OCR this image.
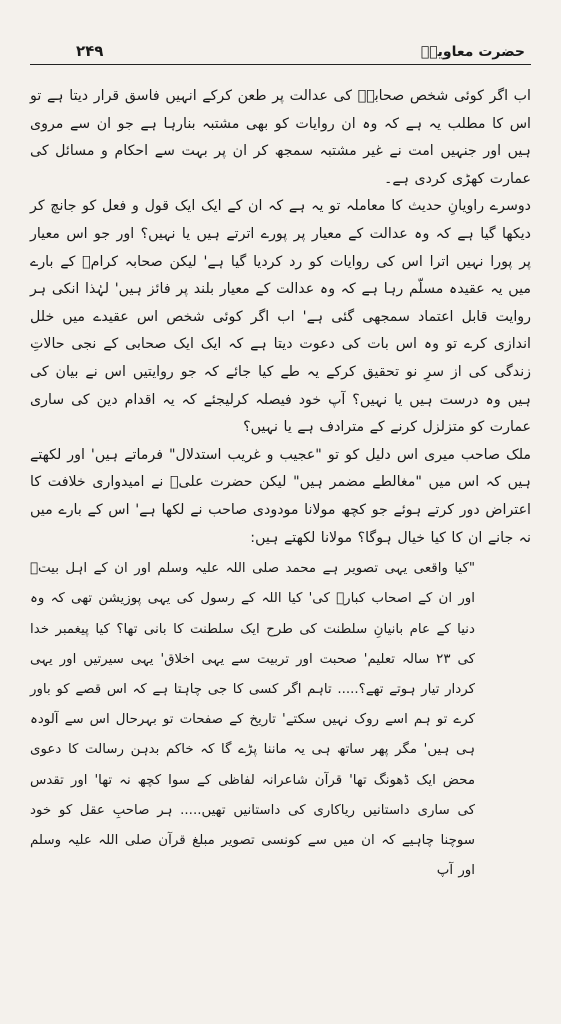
حضرت معاویہؓ
۲۴۹

اب اگر کوئی شخص صحابہؓ کی عدالت پر طعن کرکے انہیں فاسق قرار دیتا ہے تو اس کا مطلب یہ ہے کہ وہ ان روایات کو بھی مشتبہ بنارہا ہے جو ان سے مروی ہیں اور جنہیں امت نے غیر مشتبہ سمجھ کر ان پر بہت سے احکام و مسائل کی عمارت کھڑی کردی ہے۔

دوسرے راویانِ حدیث کا معاملہ تو یہ ہے کہ ان کے ایک ایک قول و فعل کو جانچ کر دیکھا گیا ہے کہ وہ عدالت کے معیار پر پورے اترتے ہیں یا نہیں؟ اور جو اس معیار پر پورا نہیں اترا اس کی روایات کو رد کردیا گیا ہے' لیکن صحابہ کرامؓ کے بارے میں یہ عقیدہ مسلّم رہا ہے کہ وہ عدالت کے معیار بلند پر فائز ہیں' لہٰذا انکی ہر روایت قابل اعتماد سمجھی گئی ہے' اب اگر کوئی شخص اس عقیدے میں خلل اندازی کرے تو وہ اس بات کی دعوت دیتا ہے کہ ایک ایک صحابی کے نجی حالاتِ زندگی کی از سرِ نو تحقیق کرکے یہ طے کیا جائے کہ جو روایتیں اس نے بیان کی ہیں وہ درست ہیں یا نہیں؟ آپ خود فیصلہ کرلیجئے کہ یہ اقدام دین کی ساری عمارت کو متزلزل کرنے کے مترادف ہے یا نہیں؟

ملک صاحب میری اس دلیل کو تو "عجیب و غریب استدلال" فرماتے ہیں' اور لکھتے ہیں کہ اس میں "مغالطے مضمر ہیں" لیکن حضرت علیؓ نے امیدواری خلافت کا اعتراض دور کرتے ہوئے جو کچھ مولانا مودودی صاحب نے لکھا ہے' اس کے بارے میں نہ جانے ان کا کیا خیال ہوگا؟ مولانا لکھتے ہیں:

"کیا واقعی یہی تصویر ہے محمد صلی اللہ علیہ وسلم اور ان کے اہل بیتؓ اور ان کے اصحاب کبارؓ کی' کیا اللہ کے رسول کی یہی پوزیشن تھی کہ وہ دنیا کے عام بانیانِ سلطنت کی طرح ایک سلطنت کا بانی تھا؟ کیا پیغمبر خدا کی ۲۳ سالہ تعلیم' صحبت اور تربیت سے یہی اخلاق' یہی سیرتیں اور یہی کردار تیار ہوتے تھے؟..... تاہم اگر کسی کا جی چاہتا ہے کہ اس قصے کو باور کرے تو ہم اسے روک نہیں سکتے' تاریخ کے صفحات تو بہرحال اس سے آلودہ ہی ہیں' مگر پھر ساتھ ہی یہ ماننا پڑے گا کہ خاکم بدہن رسالت کا دعوی محض ایک ڈھونگ تھا' قرآن شاعرانہ لفاظی کے سوا کچھ نہ تھا' اور تقدس کی ساری داستانیں ریاکاری کی داستانیں تھیں..... ہر صاحبِ عقل کو خود سوچنا چاہیے کہ ان میں سے کونسی تصویر مبلغ قرآن صلی اللہ علیہ وسلم اور آپ
